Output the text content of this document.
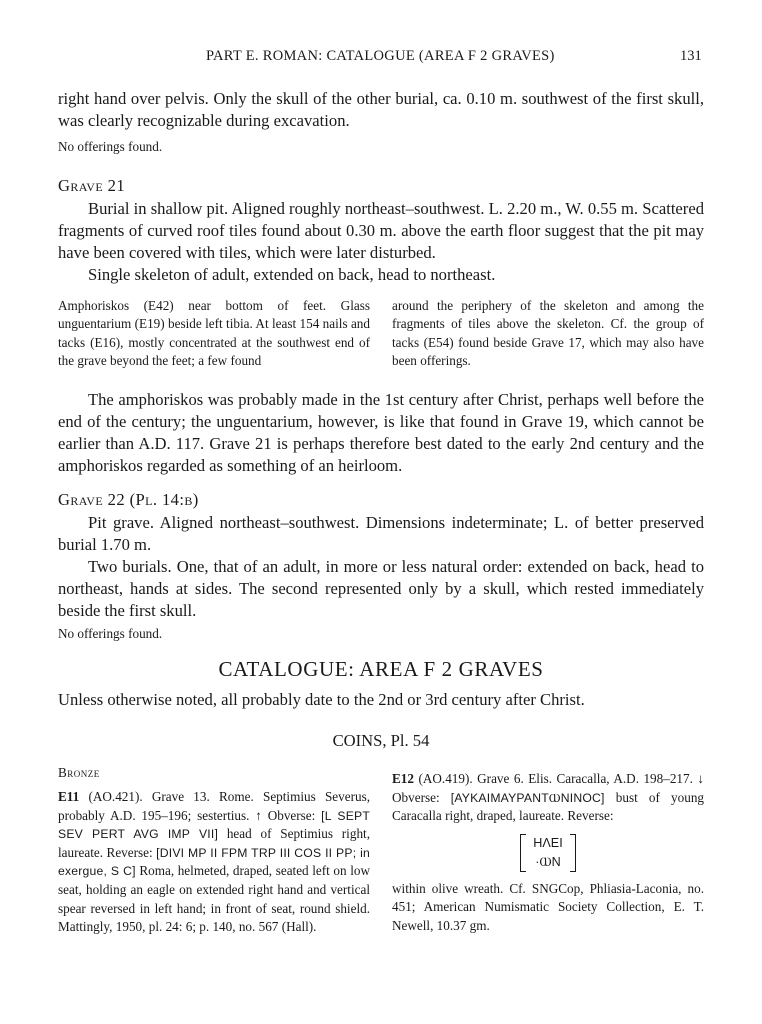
PART E. ROMAN: CATALOGUE (AREA F 2 GRAVES)	131

right hand over pelvis. Only the skull of the other burial, ca. 0.10 m. southwest of the first skull, was clearly recognizable during excavation.

No offerings found.

Grave 21

Burial in shallow pit. Aligned roughly northeast–southwest. L. 2.20 m., W. 0.55 m. Scattered fragments of curved roof tiles found about 0.30 m. above the earth floor suggest that the pit may have been covered with tiles, which were later disturbed.

Single skeleton of adult, extended on back, head to northeast.

Amphoriskos (E42) near bottom of feet. Glass unguentarium (E19) beside left tibia. At least 154 nails and tacks (E16), mostly concentrated at the southwest end of the grave beyond the feet; a few found

around the periphery of the skeleton and among the fragments of tiles above the skeleton. Cf. the group of tacks (E54) found beside Grave 17, which may also have been offerings.

The amphoriskos was probably made in the 1st century after Christ, perhaps well before the end of the century; the unguentarium, however, is like that found in Grave 19, which cannot be earlier than A.D. 117. Grave 21 is perhaps therefore best dated to the early 2nd century and the amphoriskos regarded as something of an heirloom.

Grave 22 (Pl. 14:b)

Pit grave. Aligned northeast–southwest. Dimensions indeterminate; L. of better preserved burial 1.70 m.

Two burials. One, that of an adult, in more or less natural order: extended on back, head to northeast, hands at sides. The second represented only by a skull, which rested immediately beside the first skull.

No offerings found.

CATALOGUE: AREA F 2 GRAVES
Unless otherwise noted, all probably date to the 2nd or 3rd century after Christ.
COINS, Pl. 54
Bronze

E11 (AO.421). Grave 13. Rome. Septimius Severus, probably A.D. 195–196; sestertius. ↑ Obverse: [L SEPT SEV PERT AVG IMP VII] head of Septimius right, laureate. Reverse: [DIVI MP II FPM TRP III COS II PP; in exergue, S C] Roma, helmeted, draped, seated left on low seat, holding an eagle on extended right hand and vertical spear reversed in left hand; in front of seat, round shield. Mattingly, 1950, pl. 24: 6; p. 140, no. 567 (Hall).

E12 (AO.419). Grave 6. Elis. Caracalla, A.D. 198–217. ↓ Obverse: [AYKAIMAYPANTⲰNINOC] bust of young Caracalla right, draped, laureate. Reverse:

HΛEI
·ⲰN

within olive wreath. Cf. SNGCop, Phliasia-Laconia, no. 451; American Numismatic Society Collection, E. T. Newell, 10.37 gm.
